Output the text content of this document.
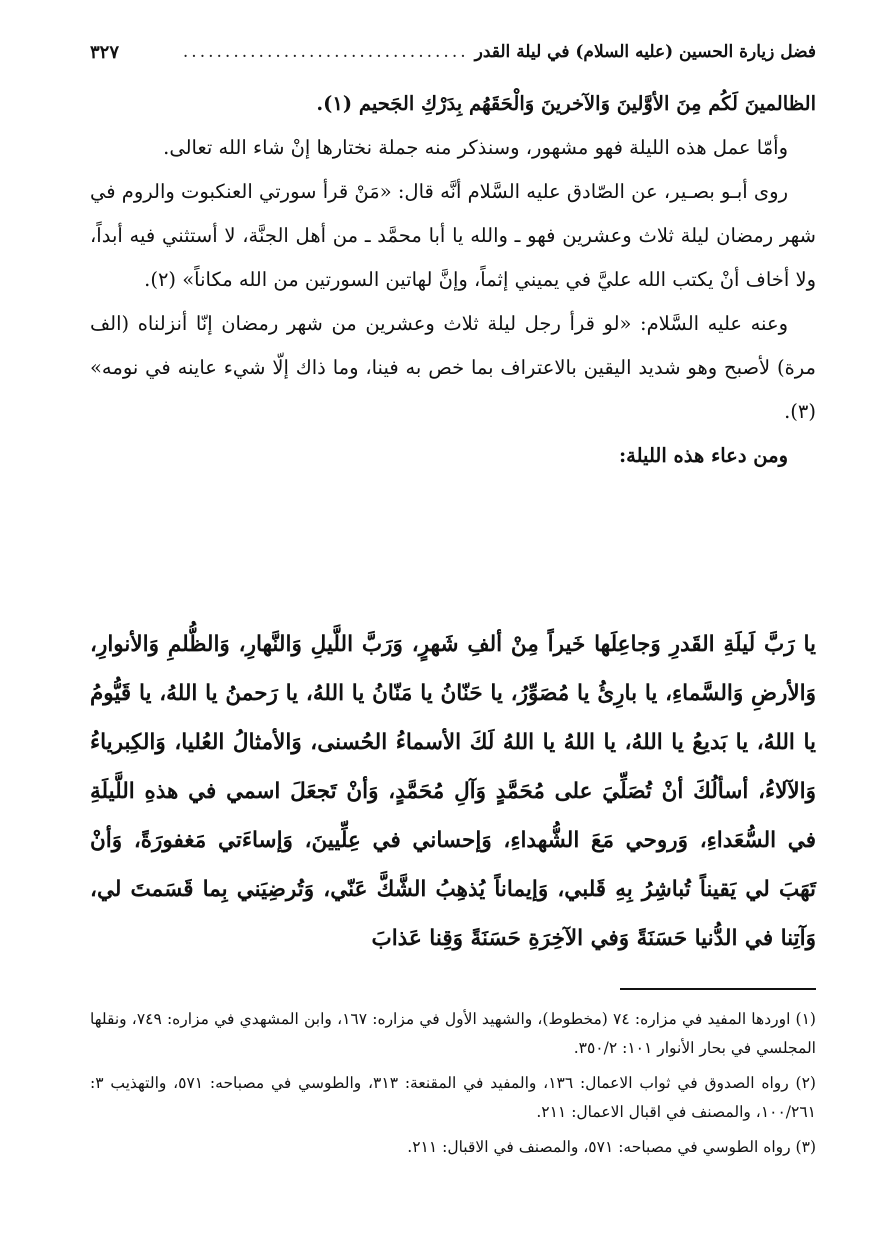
فضل زيارة الحسين (عليه السلام) في ليلة القدر
..................................
٣٢٧

الظالمينَ لَكُم مِنَ الأوَّلينَ وَالآخرينَ وَالْحَقَهُم بِدَرْكِ الجَحيم (١).

وأمّا عمل هذه الليلة فهو مشهور، وسنذكر منه جملة نختارها إنْ شاء الله تعالى.

روى أبـو بصـير، عن الصّادق عليه السَّلام أنَّه قال: «مَنْ قرأ سورتي العنكبوت والروم في شهر رمضان ليلة ثلاث وعشرين فهو ـ والله يا أبا محمَّد ـ من أهل الجنَّة، لا أستثني فيه أبداً، ولا أخاف أنْ يكتب الله عليَّ في يميني إثماً، وإنَّ لهاتين السورتين من الله مكاناً» (٢).

وعنه عليه السَّلام: «لو قرأ رجل ليلة ثلاث وعشرين من شهر رمضان إنّا أنزلناه (الف مرة) لأصبح وهو شديد اليقين بالاعتراف بما خص به فينا، وما ذاك إلّا شيء عاينه في نومه» (٣).

ومن دعاء هذه الليلة:

يا رَبَّ لَيلَةِ القَدرِ وَجاعِلَها خَيراً مِنْ ألفِ شَهرٍ، وَرَبَّ اللَّيلِ وَالنَّهارِ، وَالظُّلمِ وَالأنوارِ، وَالأرضِ وَالسَّماءِ، يا بارِئُ يا مُصَوِّرُ، يا حَنّانُ يا مَنّانُ يا اللهُ، يا رَحمنُ يا اللهُ، يا قَيُّومُ يا اللهُ، يا بَديعُ يا اللهُ، يا اللهُ يا اللهُ لَكَ الأسماءُ الحُسنى، وَالأمثالُ العُليا، وَالكِبرياءُ وَالآلاءُ، أسألُكَ أنْ تُصَلِّيَ على مُحَمَّدٍ وَآلِ مُحَمَّدٍ، وَأنْ تَجعَلَ اسمي في هذهِ اللَّيلَةِ في السُّعَداءِ، وَروحي مَعَ الشُّهداءِ، وَإحساني في عِلِّيينَ، وَإساءَتي مَغفورَةً، وَأنْ تَهَبَ لي يَقيناً تُباشِرُ بِهِ قَلبي، وَإيماناً يُذهِبُ الشَّكَّ عَنّي، وَتُرضِيَني بِما قَسَمتَ لي، وَآتِنا في الدُّنيا حَسَنَةً وَفي الآخِرَةِ حَسَنَةً وَقِنا عَذابَ

(١) اوردها المفيد في مزاره: ٧٤ (مخطوط)، والشهيد الأول في مزاره: ١٦٧، وابن المشهدي في مزاره: ٧٤٩، ونقلها المجلسي في بحار الأنوار ١٠١: ٣٥٠/٢.

(٢) رواه الصدوق في ثواب الاعمال: ١٣٦، والمفيد في المقنعة: ٣١٣، والطوسي في مصباحه: ٥٧١، والتهذيب ٣: ١٠٠/٢٦١، والمصنف في اقبال الاعمال: ٢١١.

(٣) رواه الطوسي في مصباحه: ٥٧١، والمصنف في الاقبال: ٢١١.
